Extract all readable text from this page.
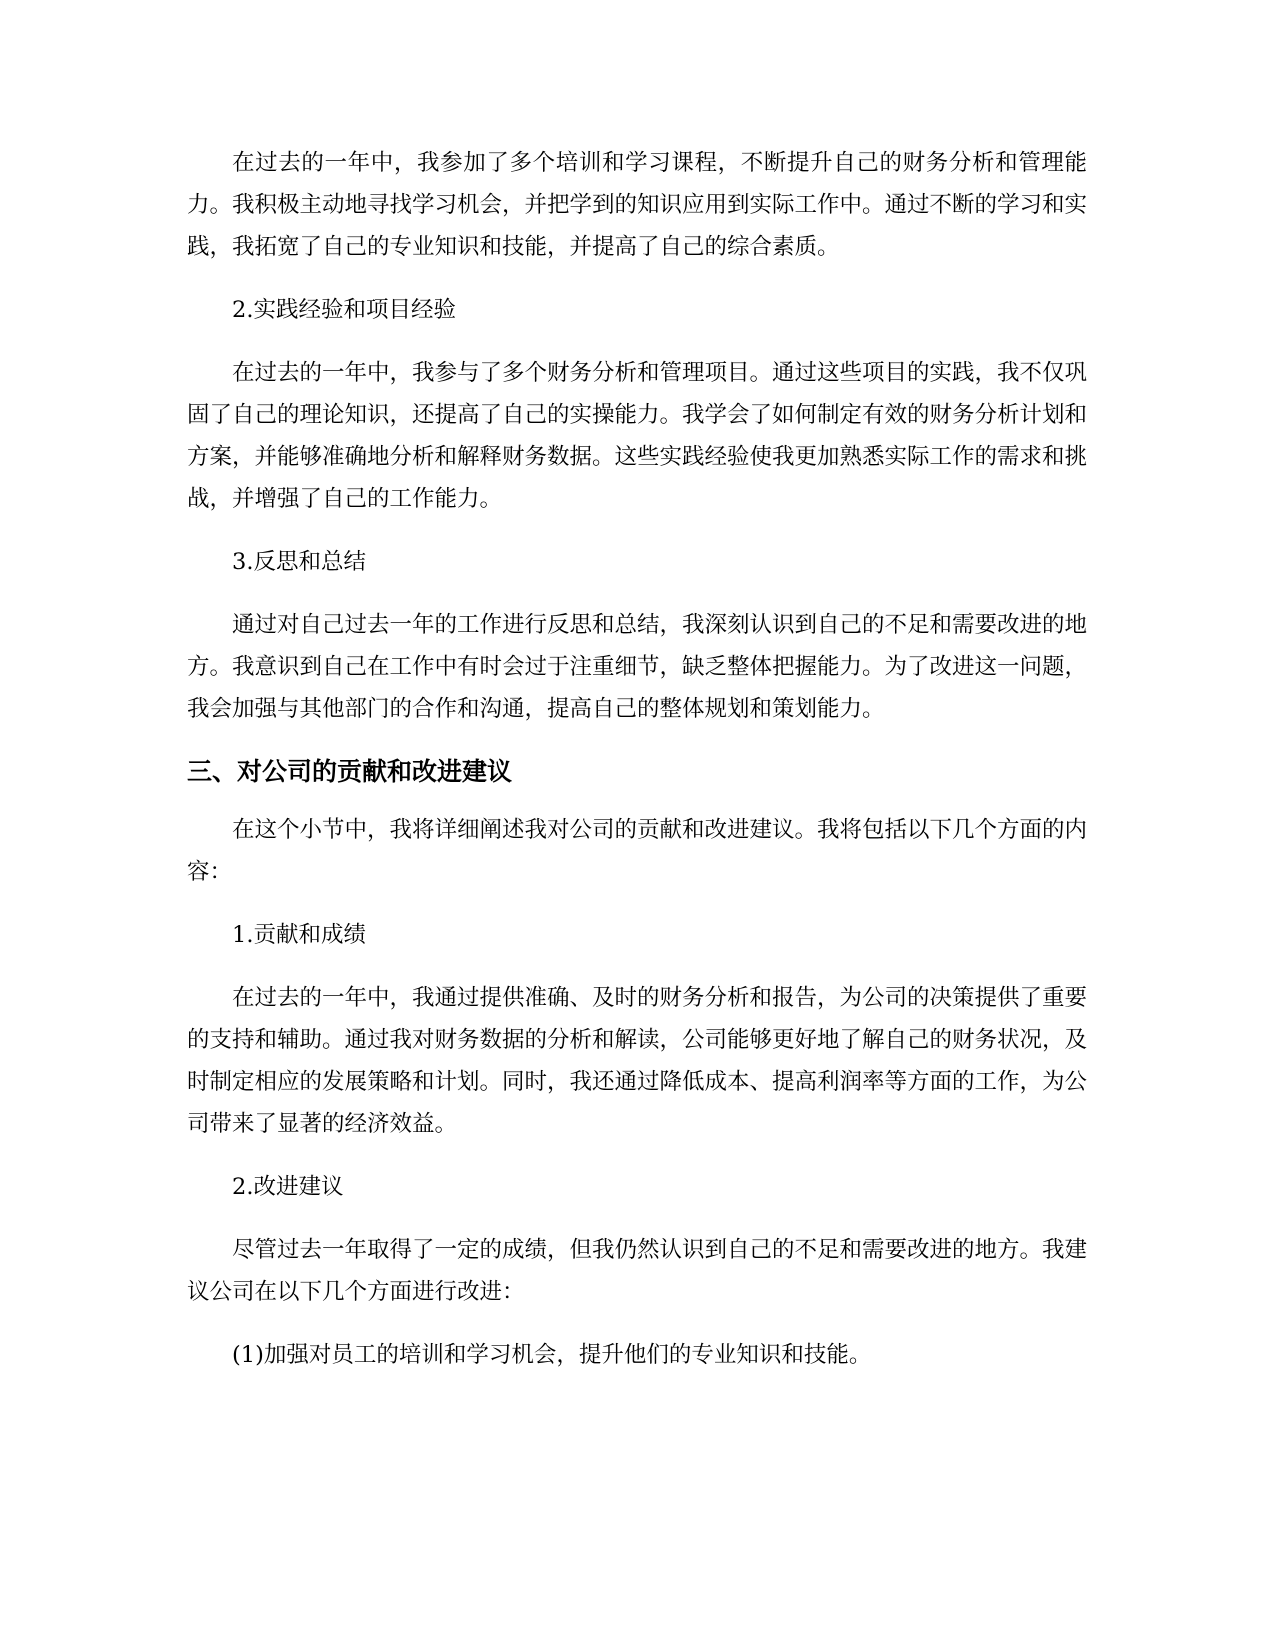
在过去的一年中，我参加了多个培训和学习课程，不断提升自己的财务分析和管理能力。我积极主动地寻找学习机会，并把学到的知识应用到实际工作中。通过不断的学习和实践，我拓宽了自己的专业知识和技能，并提高了自己的综合素质。

2.实践经验和项目经验

在过去的一年中，我参与了多个财务分析和管理项目。通过这些项目的实践，我不仅巩固了自己的理论知识，还提高了自己的实操能力。我学会了如何制定有效的财务分析计划和方案，并能够准确地分析和解释财务数据。这些实践经验使我更加熟悉实际工作的需求和挑战，并增强了自己的工作能力。

3.反思和总结

通过对自己过去一年的工作进行反思和总结，我深刻认识到自己的不足和需要改进的地方。我意识到自己在工作中有时会过于注重细节，缺乏整体把握能力。为了改进这一问题，我会加强与其他部门的合作和沟通，提高自己的整体规划和策划能力。

三、对公司的贡献和改进建议

在这个小节中，我将详细阐述我对公司的贡献和改进建议。我将包括以下几个方面的内容：

1.贡献和成绩

在过去的一年中，我通过提供准确、及时的财务分析和报告，为公司的决策提供了重要的支持和辅助。通过我对财务数据的分析和解读，公司能够更好地了解自己的财务状况，及时制定相应的发展策略和计划。同时，我还通过降低成本、提高利润率等方面的工作，为公司带来了显著的经济效益。

2.改进建议

尽管过去一年取得了一定的成绩，但我仍然认识到自己的不足和需要改进的地方。我建议公司在以下几个方面进行改进：

(1)加强对员工的培训和学习机会，提升他们的专业知识和技能。
